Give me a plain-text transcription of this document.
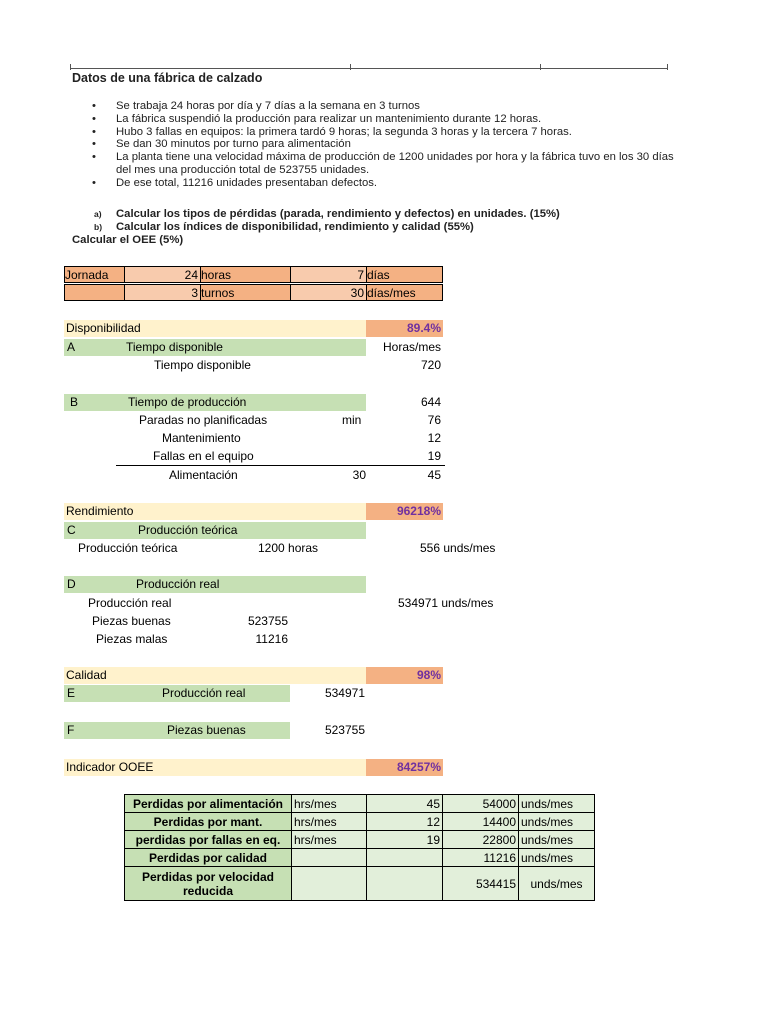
Datos de una fábrica de calzado
•	Se trabaja 24 horas por día y 7 días a la semana en 3 turnos
•	La fábrica suspendió la producción para realizar un mantenimiento durante 12 horas.
•	Hubo 3 fallas en equipos: la primera tardó 9 horas; la segunda 3 horas y la tercera 7 horas.
•	Se dan 30 minutos por turno para alimentación
•	La planta tiene una velocidad máxima de producción de 1200 unidades por hora y la fábrica tuvo en los 30 días del mes una producción total de 523755 unidades.
•	De ese total, 11216 unidades presentaban defectos.
a) Calcular los tipos de pérdidas (parada, rendimiento y defectos) en unidades. (15%)
b) Calcular los índices de disponibilidad, rendimiento y calidad (55%)
Calcular el OEE (5%)
Jornada	24 horas	7 días
3 turnos	30 días/mes
Disponibilidad	89.4%
A	Tiempo disponible	Horas/mes
Tiempo disponible	720
B	Tiempo de producción	644
Paradas no planificadas	min	76
Mantenimiento	12
Fallas en el equipo	19
Alimentación	30	45
Rendimiento	96218%
C	Producción teórica
Producción teórica	1200 horas	556 unds/mes
D	Producción real
Producción real	534971 unds/mes
Piezas buenas	523755
Piezas malas	11216
Calidad	98%
E	Producción real	534971
F	Piezas buenas	523755
Indicador OOEE	84257%
Perdidas por alimentación	hrs/mes	45	54000	unds/mes
Perdidas por mant.	hrs/mes	12	14400	unds/mes
perdidas por fallas en eq.	hrs/mes	19	22800	unds/mes
Perdidas por calidad			11216	unds/mes
Perdidas por velocidad reducida			534415	unds/mes
